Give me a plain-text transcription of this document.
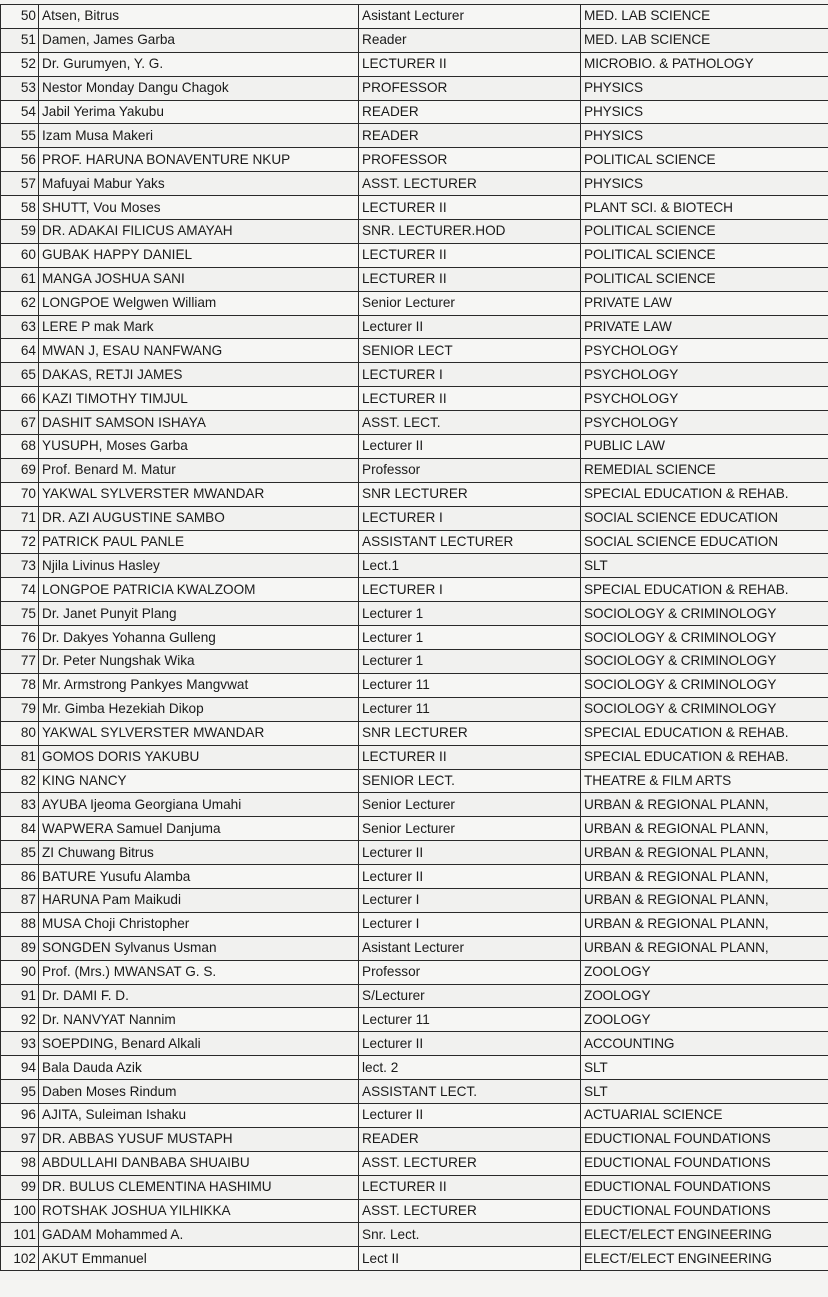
50	Atsen, Bitrus	Asistant Lecturer	MED. LAB SCIENCE
51	Damen, James Garba	Reader	MED. LAB SCIENCE
52	Dr. Gurumyen, Y. G.	LECTURER II	MICROBIO. & PATHOLOGY
53	Nestor Monday Dangu Chagok	PROFESSOR	PHYSICS
54	Jabil Yerima Yakubu	READER	PHYSICS
55	Izam Musa Makeri	READER	PHYSICS
56	PROF. HARUNA BONAVENTURE NKUP	PROFESSOR	POLITICAL SCIENCE
57	Mafuyai Mabur Yaks	ASST. LECTURER	PHYSICS
58	SHUTT, Vou Moses	LECTURER II	PLANT SCI. & BIOTECH
59	DR. ADAKAI FILICUS AMAYAH	SNR. LECTURER.HOD	POLITICAL SCIENCE
60	GUBAK HAPPY DANIEL	LECTURER II	POLITICAL SCIENCE
61	MANGA JOSHUA SANI	LECTURER II	POLITICAL SCIENCE
62	LONGPOE Welgwen William	Senior Lecturer	PRIVATE LAW
63	LERE P mak Mark	Lecturer II	PRIVATE LAW
64	MWAN J, ESAU NANFWANG	SENIOR LECT	PSYCHOLOGY
65	DAKAS, RETJI JAMES	LECTURER I	PSYCHOLOGY
66	KAZI TIMOTHY TIMJUL	LECTURER II	PSYCHOLOGY
67	DASHIT SAMSON ISHAYA	ASST. LECT.	PSYCHOLOGY
68	YUSUPH, Moses Garba	Lecturer II	PUBLIC LAW
69	Prof. Benard M. Matur	Professor	REMEDIAL SCIENCE
70	YAKWAL SYLVERSTER MWANDAR	SNR LECTURER	SPECIAL EDUCATION & REHAB.
71	DR. AZI AUGUSTINE SAMBO	LECTURER I	SOCIAL SCIENCE EDUCATION
72	PATRICK PAUL PANLE	ASSISTANT LECTURER	SOCIAL SCIENCE EDUCATION
73	Njila Livinus Hasley	Lect.1	SLT
74	LONGPOE PATRICIA KWALZOOM	LECTURER I	SPECIAL EDUCATION & REHAB.
75	Dr. Janet Punyit Plang	Lecturer 1	SOCIOLOGY & CRIMINOLOGY
76	Dr. Dakyes Yohanna Gulleng	Lecturer 1	SOCIOLOGY & CRIMINOLOGY
77	Dr. Peter Nungshak Wika	Lecturer 1	SOCIOLOGY & CRIMINOLOGY
78	Mr. Armstrong Pankyes Mangvwat	Lecturer 11	SOCIOLOGY & CRIMINOLOGY
79	Mr. Gimba Hezekiah Dikop	Lecturer 11	SOCIOLOGY & CRIMINOLOGY
80	YAKWAL SYLVERSTER MWANDAR	SNR LECTURER	SPECIAL EDUCATION & REHAB.
81	GOMOS DORIS YAKUBU	LECTURER II	SPECIAL EDUCATION & REHAB.
82	KING NANCY	SENIOR LECT.	THEATRE & FILM ARTS
83	AYUBA Ijeoma Georgiana Umahi	Senior Lecturer	URBAN & REGIONAL PLANN,
84	WAPWERA Samuel Danjuma	Senior Lecturer	URBAN & REGIONAL PLANN,
85	ZI Chuwang Bitrus	Lecturer II	URBAN & REGIONAL PLANN,
86	BATURE Yusufu Alamba	Lecturer II	URBAN & REGIONAL PLANN,
87	HARUNA Pam Maikudi	Lecturer I	URBAN & REGIONAL PLANN,
88	MUSA Choji Christopher	Lecturer I	URBAN & REGIONAL PLANN,
89	SONGDEN Sylvanus Usman	Asistant Lecturer	URBAN & REGIONAL PLANN,
90	Prof. (Mrs.) MWANSAT G. S.	Professor	ZOOLOGY
91	Dr. DAMI F. D.	S/Lecturer	ZOOLOGY
92	Dr. NANVYAT Nannim	Lecturer 11	ZOOLOGY
93	SOEPDING, Benard Alkali	Lecturer II	ACCOUNTING
94	Bala Dauda Azik	lect. 2	SLT
95	Daben Moses Rindum	ASSISTANT LECT.	SLT
96	AJITA, Suleiman Ishaku	Lecturer II	ACTUARIAL SCIENCE
97	DR. ABBAS YUSUF MUSTAPH	READER	EDUCTIONAL FOUNDATIONS
98	ABDULLAHI DANBABA SHUAIBU	ASST. LECTURER	EDUCTIONAL FOUNDATIONS
99	DR. BULUS CLEMENTINA HASHIMU	LECTURER II	EDUCTIONAL FOUNDATIONS
100	ROTSHAK JOSHUA YILHIKKA	ASST. LECTURER	EDUCTIONAL FOUNDATIONS
101	GADAM Mohammed A.	Snr. Lect.	ELECT/ELECT ENGINEERING
102	AKUT Emmanuel	Lect II	ELECT/ELECT ENGINEERING
